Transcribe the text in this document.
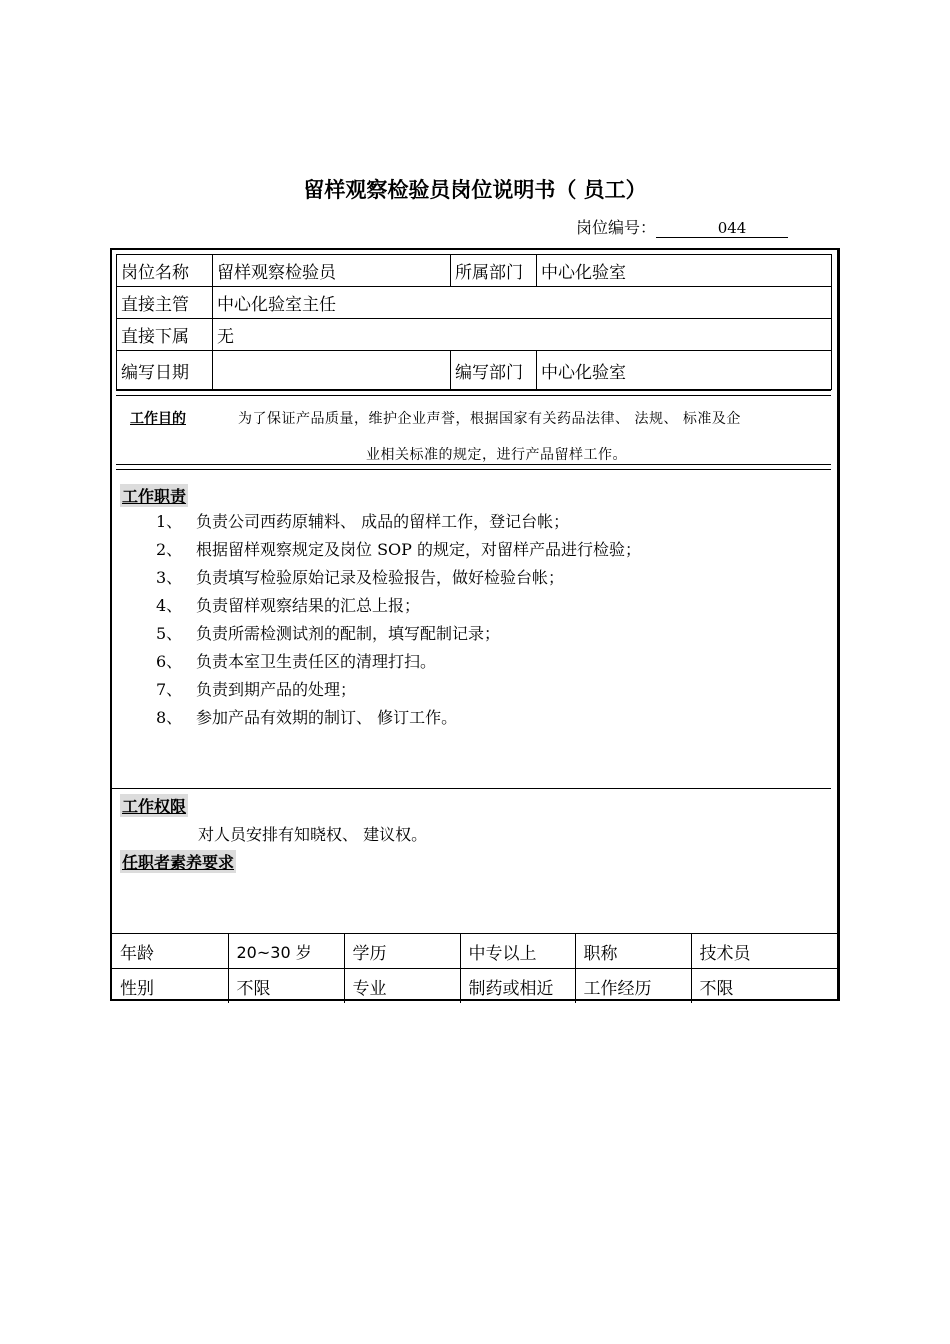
留样观察检验员岗位说明书（ 员工）
岗位编号：	044
岗位名称	留样观察检验员	所属部门	中心化验室
直接主管	中心化验室主任		
直接下属	无		
编写日期		编写部门	中心化验室
工作目的	为了保证产品质量，维护企业声誉，根据国家有关药品法律、 法规、 标准及企
业相关标准的规定，进行产品留样工作。
工作职责
1、 负责公司西药原辅料、 成品的留样工作，登记台帐；
2、 根据留样观察规定及岗位 SOP 的规定，对留样产品进行检验；
3、 负责填写检验原始记录及检验报告，做好检验台帐；
4、 负责留样观察结果的汇总上报；
5、 负责所需检测试剂的配制，填写配制记录；
6、 负责本室卫生责任区的清理打扫。
7、 负责到期产品的处理；
8、 参加产品有效期的制订、 修订工作。
工作权限
对人员安排有知晓权、 建议权。
任职者素养要求
年龄	20~30 岁	学历	中专以上	职称	技术员
性别	不限	专业	制药或相近	工作经历	不限
